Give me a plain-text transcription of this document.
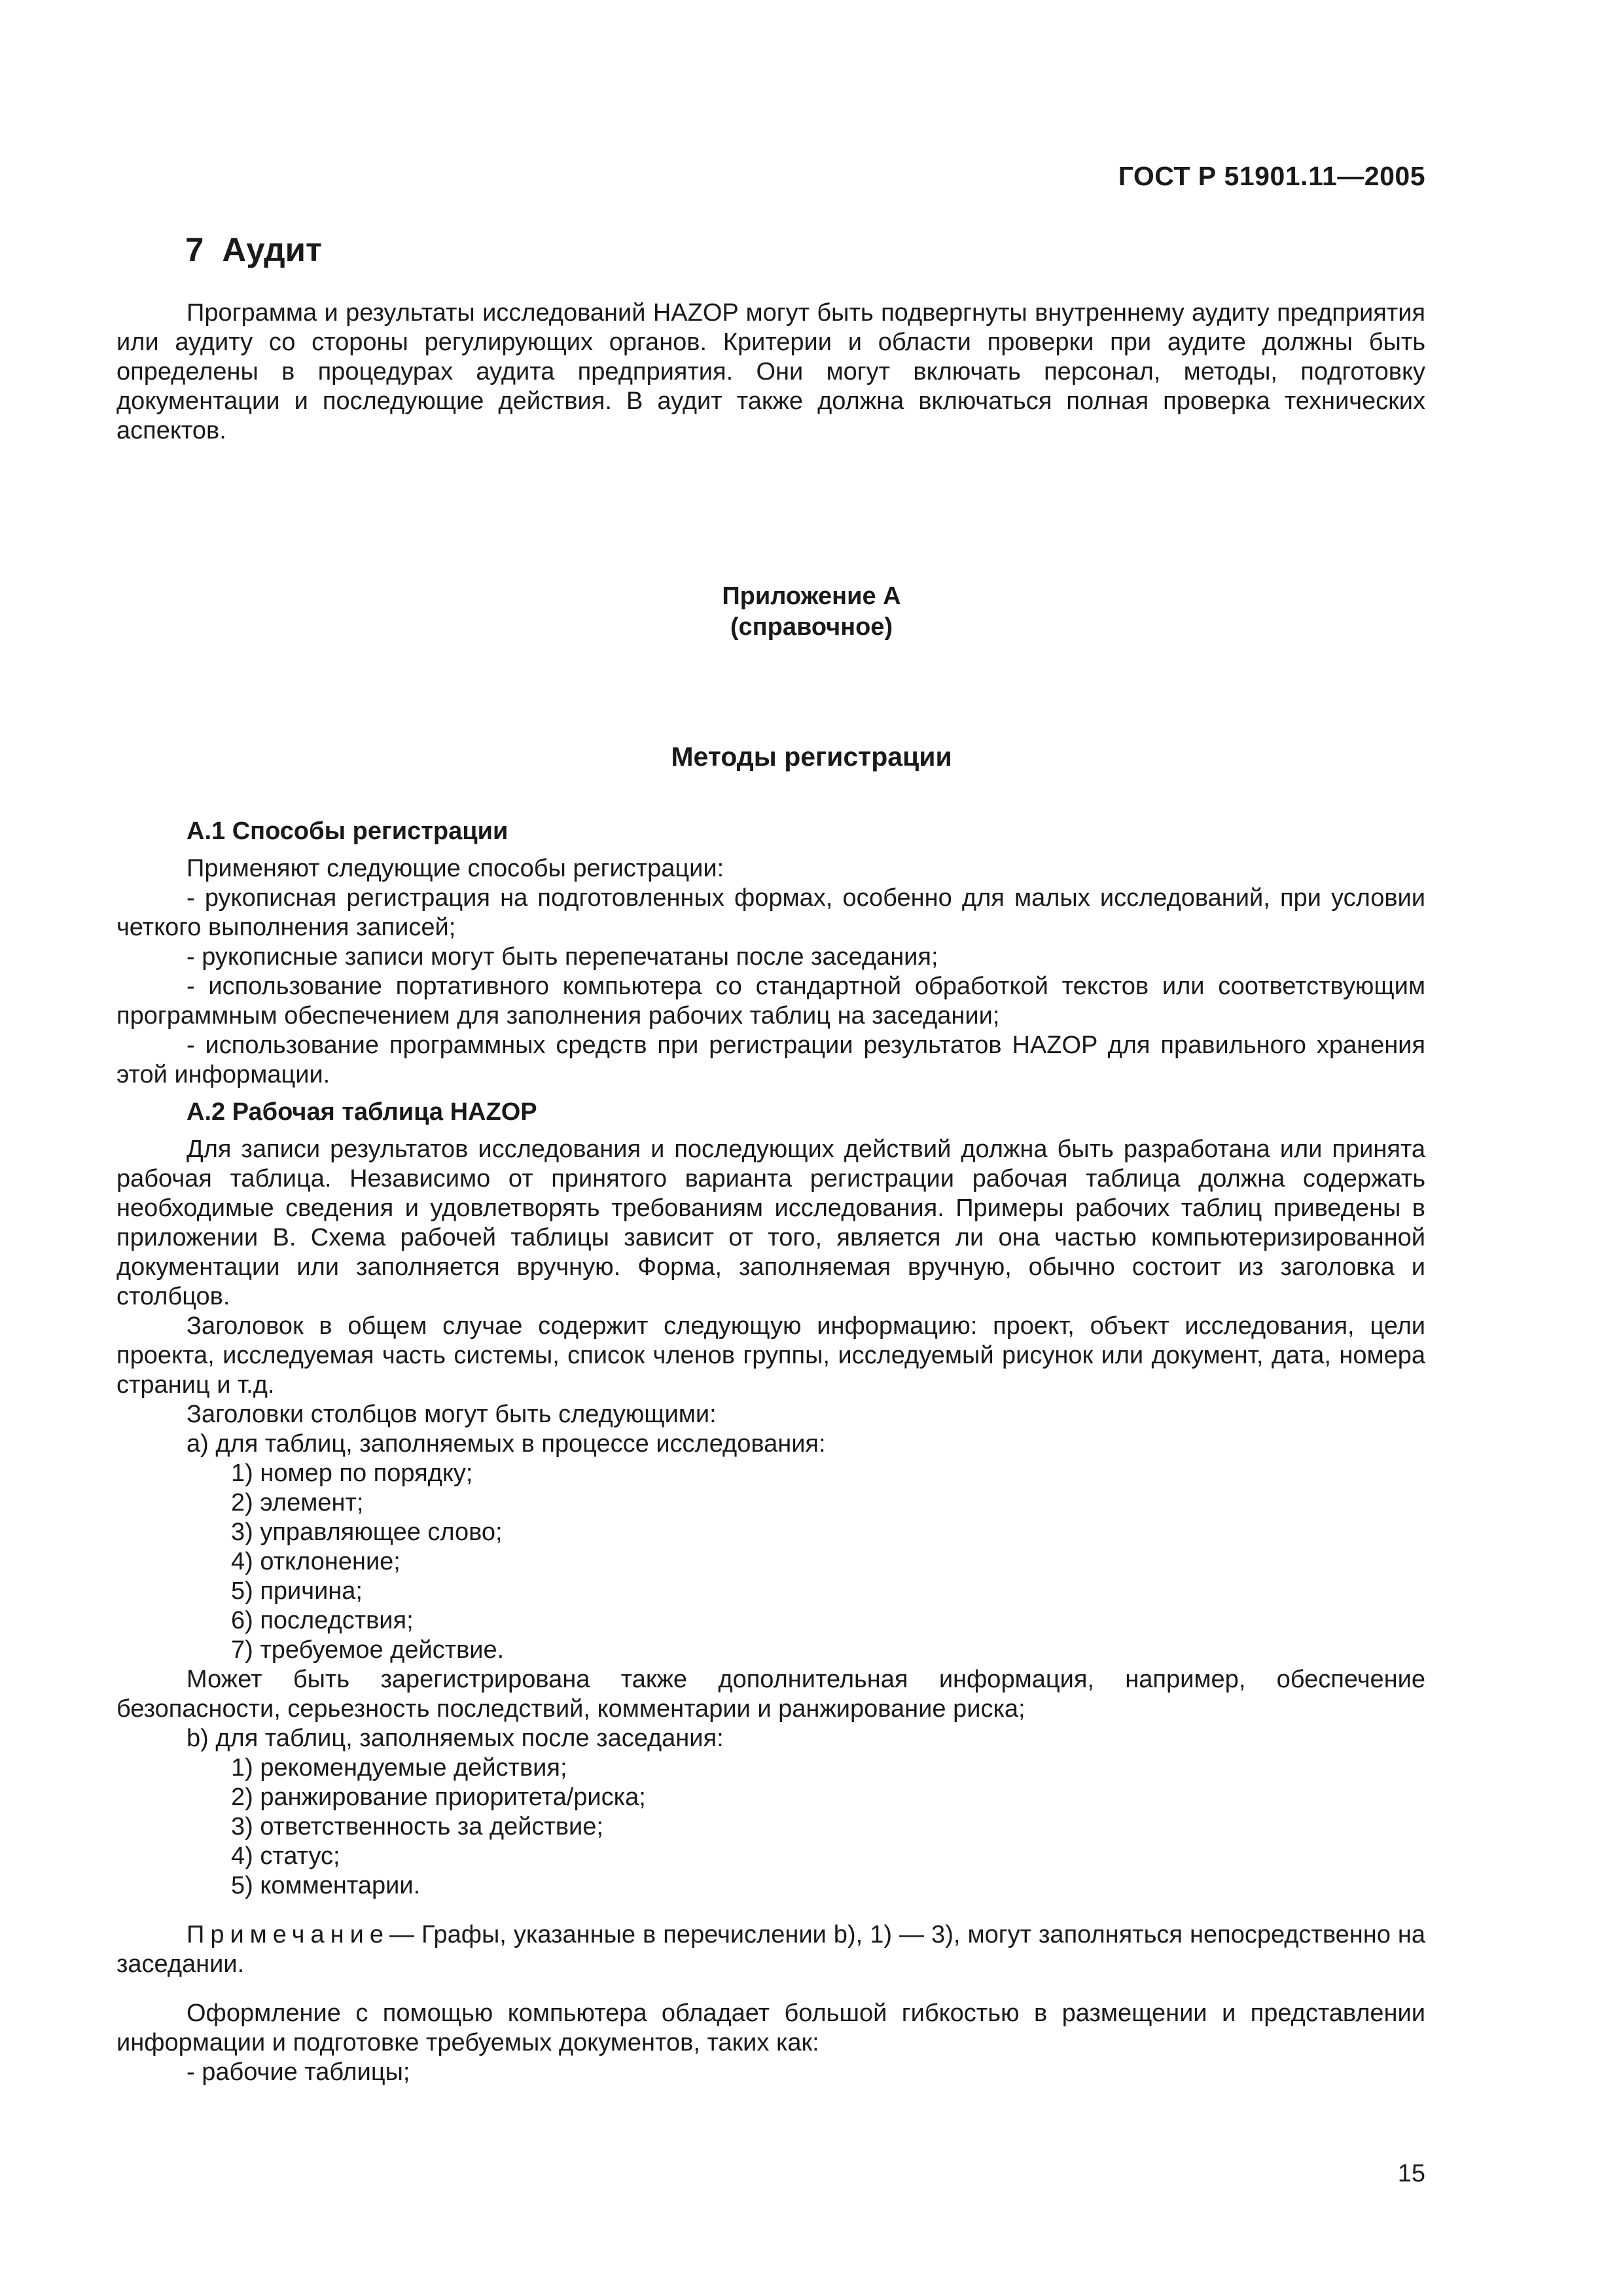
ГОСТ Р 51901.11—2005
7 Аудит

Программа и результаты исследований HAZOP могут быть подвергнуты внутреннему аудиту предприятия или аудиту со стороны регулирующих органов. Критерии и области проверки при аудите должны быть определены в процедурах аудита предприятия. Они могут включать персонал, методы, подготовку документации и последующие действия. В аудит также должна включаться полная проверка технических аспектов.

Приложение А
(справочное)
Методы регистрации

А.1 Способы регистрации

Применяют следующие способы регистрации:

- рукописная регистрация на подготовленных формах, особенно для малых исследований, при условии четкого выполнения записей;

- рукописные записи могут быть перепечатаны после заседания;

- использование портативного компьютера со стандартной обработкой текстов или соответствующим программным обеспечением для заполнения рабочих таблиц на заседании;

- использование программных средств при регистрации результатов HAZOP для правильного хранения этой информации.

А.2 Рабочая таблица HAZOP

Для записи результатов исследования и последующих действий должна быть разработана или принята рабочая таблица. Независимо от принятого варианта регистрации рабочая таблица должна содержать необходимые сведения и удовлетворять требованиям исследования. Примеры рабочих таблиц приведены в приложении В. Схема рабочей таблицы зависит от того, является ли она частью компьютеризированной документации или заполняется вручную. Форма, заполняемая вручную, обычно состоит из заголовка и столбцов.

Заголовок в общем случае содержит следующую информацию: проект, объект исследования, цели проекта, исследуемая часть системы, список членов группы, исследуемый рисунок или документ, дата, номера страниц и т.д.

Заголовки столбцов могут быть следующими:

а) для таблиц, заполняемых в процессе исследования:

1) номер по порядку;

2) элемент;

3) управляющее слово;

4) отклонение;

5) причина;

6) последствия;

7) требуемое действие.

Может быть зарегистрирована также дополнительная информация, например, обеспечение безопасности, серьезность последствий, комментарии и ранжирование риска;

b) для таблиц, заполняемых после заседания:

1) рекомендуемые действия;

2) ранжирование приоритета/риска;

3) ответственность за действие;

4) статус;

5) комментарии.

Примечание— Графы, указанные в перечислении b), 1) — 3), могут заполняться непосредственно на заседании.

Оформление с помощью компьютера обладает большой гибкостью в размещении и представлении информации и подготовке требуемых документов, таких как:

- рабочие таблицы;

15
